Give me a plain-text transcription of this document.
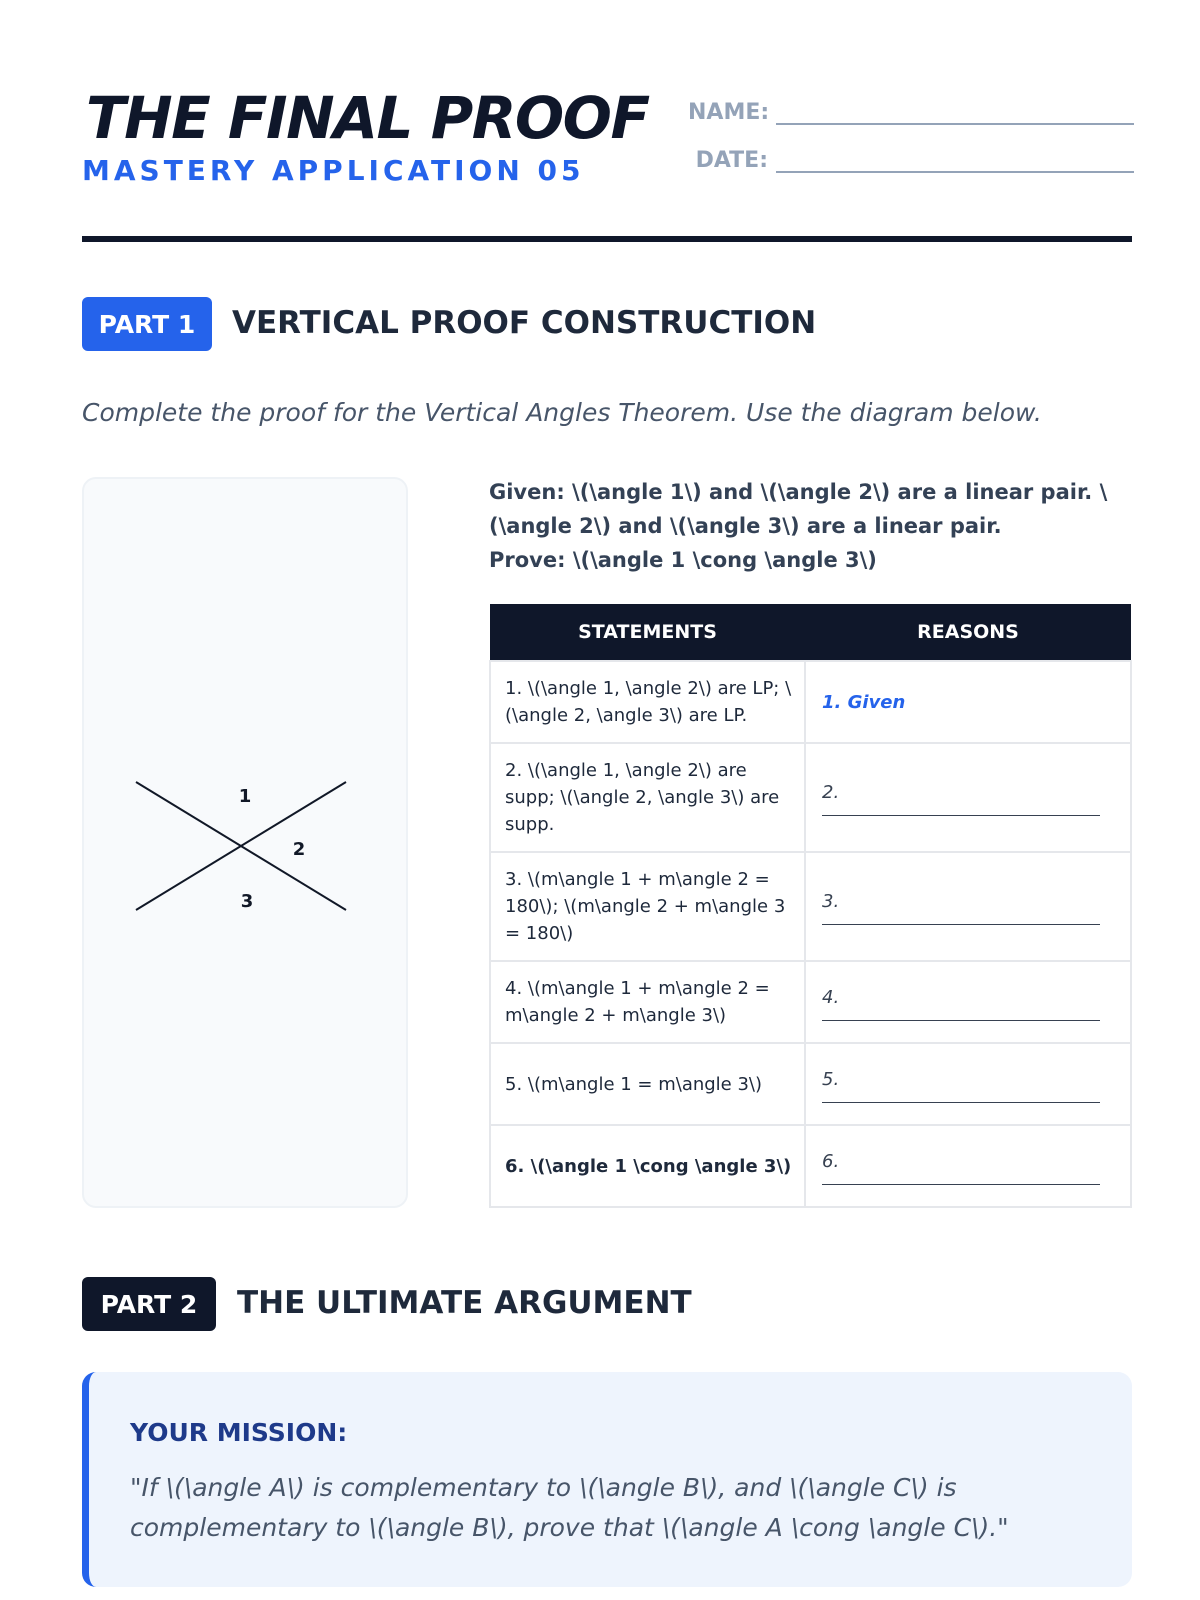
THE FINAL PROOF
MASTERY APPLICATION 05
NAME:
DATE:
PART 1	VERTICAL PROOF CONSTRUCTION
Complete the proof for the Vertical Angles Theorem. Use the diagram below.
1
2
3
Given: \(\angle 1\) and \(\angle 2\) are a linear pair. \(\angle 2\) and \(\angle 3\) are a linear pair.
Prove: \(\angle 1 \cong \angle 3\)
STATEMENTS	REASONS
1. \(\angle 1, \angle 2\) are LP; \(\angle 2, \angle 3\) are LP.	1. Given
2. \(\angle 1, \angle 2\) are supp; \(\angle 2, \angle 3\) are supp.	2.

3. \(m\angle 1 + m\angle 2 = 180\); \(m\angle 2 + m\angle 3 = 180\)	3.

4. \(m\angle 1 + m\angle 2 = m\angle 2 + m\angle 3\)	4.

5. \(m\angle 1 = m\angle 3\)	5.

6. \(\angle 1 \cong \angle 3\)	6.
PART 2	THE ULTIMATE ARGUMENT
YOUR MISSION:
"If \(\angle A\) is complementary to \(\angle B\), and \(\angle C\) is complementary to \(\angle B\), prove that \(\angle A \cong \angle C\)."
